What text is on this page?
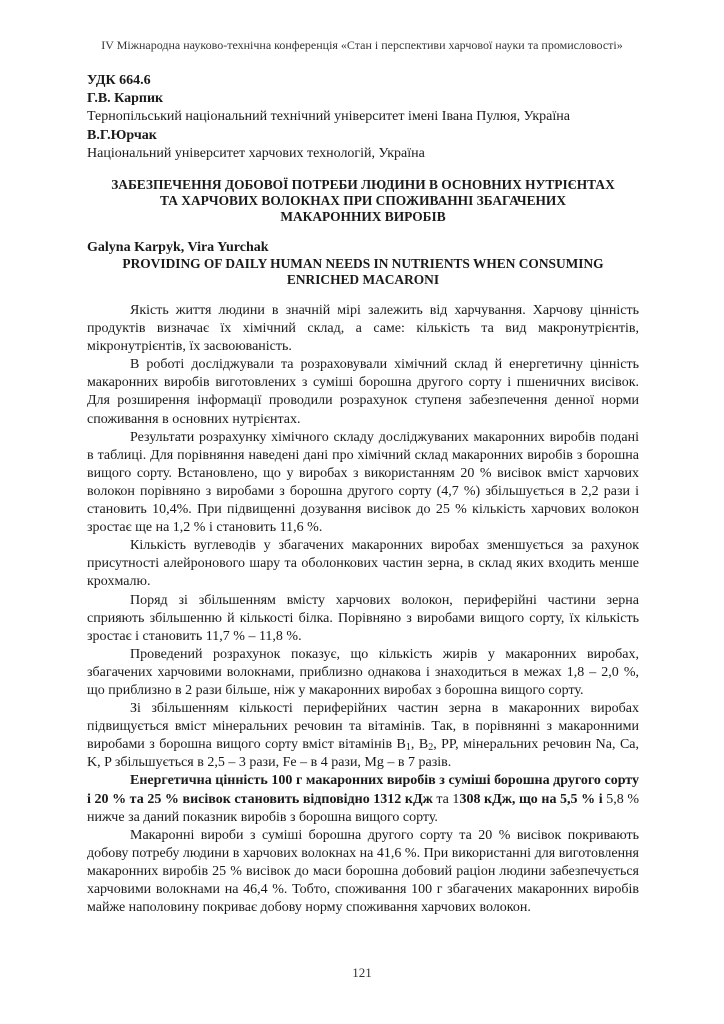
IV Міжнародна науково-технічна конференція «Стан і перспективи харчової науки та промисловості»
УДК 664.6
Г.В. Карпик
Тернопільський національний технічний університет імені Івана Пулюя, Україна
В.Г.Юрчак
Національний університет харчових технологій, Україна
ЗАБЕЗПЕЧЕННЯ ДОБОВОЇ ПОТРЕБИ ЛЮДИНИ В ОСНОВНИХ НУТРІЄНТАХ
ТА ХАРЧОВИХ ВОЛОКНАХ ПРИ СПОЖИВАННІ ЗБАГАЧЕНИХ
МАКАРОННИХ ВИРОБІВ
Galyna Karpyk, Vira Yurchak
PROVIDING OF DAILY HUMAN NEEDS IN NUTRIENTS WHEN CONSUMING
ENRICHED MACARONI

Якість життя людини в значній мірі залежить від харчування. Харчову цінність продуктів визначає їх хімічний склад, а саме: кількість та вид макронутрієнтів, мікронутрієнтів, їх засвоюваність.

В роботі досліджували та розраховували хімічний склад й енергетичну цінність макаронних виробів виготовлених з суміші борошна другого сорту і пшеничних висівок. Для розширення інформації проводили розрахунок ступеня забезпечення денної норми споживання в основних нутрієнтах.

Результати розрахунку хімічного складу досліджуваних макаронних виробів подані в таблиці. Для порівняння наведені дані про хімічний склад макаронних виробів з борошна вищого сорту. Встановлено, що у виробах з використанням 20 % висівок вміст харчових волокон порівняно з виробами з борошна другого сорту (4,7 %) збільшується в 2,2 рази і становить 10,4%. При підвищенні дозування висівок до 25 % кількість харчових волокон зростає ще на 1,2 % і становить 11,6 %.

Кількість вуглеводів у збагачених макаронних виробах зменшується за рахунок присутності алейронового шару та оболонкових частин зерна, в склад яких входить менше крохмалю.

Поряд зі збільшенням вмісту харчових волокон, периферійні частини зерна сприяють збільшенню й кількості білка. Порівняно з виробами вищого сорту, їх кількість зростає і становить 11,7 % – 11,8 %.

Проведений розрахунок показує, що кількість жирів у макаронних виробах, збагачених харчовими волокнами, приблизно однакова і знаходиться в межах 1,8 – 2,0 %, що приблизно в 2 рази більше, ніж у макаронних виробах з борошна вищого сорту.

Зі збільшенням кількості периферійних частин зерна в макаронних виробах підвищується вміст мінеральних речовин та вітамінів. Так, в порівнянні з макаронними виробами з борошна вищого сорту вміст вітамінів $B_1$, $B_2$, PP, мінеральних речовин Na, Ca, K, P збільшується в 2,5 – 3 рази, Fe – в 4 рази, Mg – в 7 разів.

Енергетична цінність 100 г макаронних виробів з суміші борошна другого сорту і 20 % та 25 % висівок становить відповідно 1312 кДж та 1308 кДж, що на 5,5 % і 5,8 % нижче за даний показник виробів з борошна вищого сорту.

Макаронні вироби з суміші борошна другого сорту та 20 % висівок покривають добову потребу людини в харчових волокнах на 41,6 %. При використанні для виготовлення макаронних виробів 25 % висівок до маси борошна добовий раціон людини забезпечується харчовими волокнами на 46,4 %. Тобто, споживання 100 г збагачених макаронних виробів майже наполовину покриває добову норму споживання харчових волокон.

121
